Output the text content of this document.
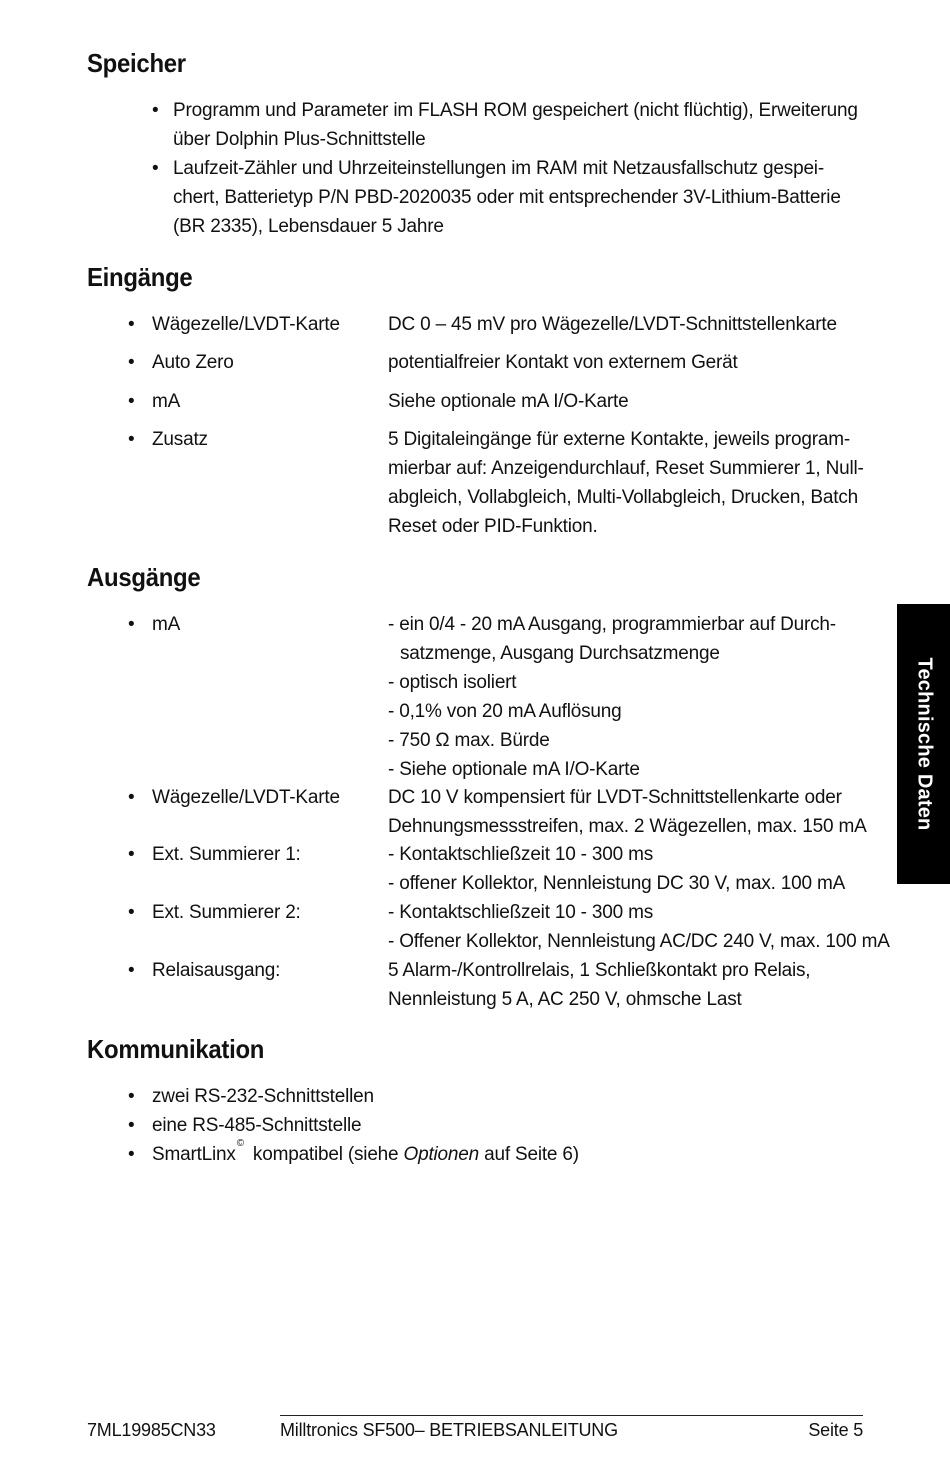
Speicher
• Programm und Parameter im FLASH ROM gespeichert (nicht flüchtig), Erweiterung
über Dolphin Plus-Schnittstelle
• Laufzeit-Zähler und Uhrzeiteinstellungen im RAM mit Netzausfallschutz gespei-
chert, Batterietyp P/N PBD-2020035 oder mit entsprechender 3V-Lithium-Batterie
(BR 2335), Lebensdauer 5 Jahre
Eingänge
• Wägezelle/LVDT-Karte	DC 0 – 45 mV pro Wägezelle/LVDT-Schnittstellenkarte
• Auto Zero	potentialfreier Kontakt von externem Gerät
• mA	Siehe optionale mA I/O-Karte
• Zusatz	5 Digitaleingänge für externe Kontakte, jeweils program-
mierbar auf: Anzeigendurchlauf, Reset Summierer 1, Null-
abgleich, Vollabgleich, Multi-Vollabgleich, Drucken, Batch
Reset oder PID-Funktion.
Ausgänge
• mA	- ein 0/4 - 20 mA Ausgang, programmierbar auf Durch-
satzmenge, Ausgang Durchsatzmenge
- optisch isoliert
- 0,1% von 20 mA Auflösung
- 750 Ω max. Bürde
- Siehe optionale mA I/O-Karte
• Wägezelle/LVDT-Karte	DC 10 V kompensiert für LVDT-Schnittstellenkarte oder
Dehnungsmessstreifen, max. 2 Wägezellen, max. 150 mA
• Ext. Summierer 1:	- Kontaktschließzeit 10 - 300 ms
- offener Kollektor, Nennleistung DC 30 V, max. 100 mA
• Ext. Summierer 2:	- Kontaktschließzeit 10 - 300 ms
- Offener Kollektor, Nennleistung AC/DC 240 V, max. 100 mA
• Relaisausgang:	5 Alarm-/Kontrollrelais, 1 Schließkontakt pro Relais,
Nennleistung 5 A, AC 250 V, ohmsche Last
Kommunikation
• zwei RS-232-Schnittstellen
• eine RS-485-Schnittstelle
• SmartLinx©kompatibel (siehe Optionen auf Seite 6)
Technische Daten
7ML19985CN33	Milltronics SF500– BETRIEBSANLEITUNG	Seite 5
